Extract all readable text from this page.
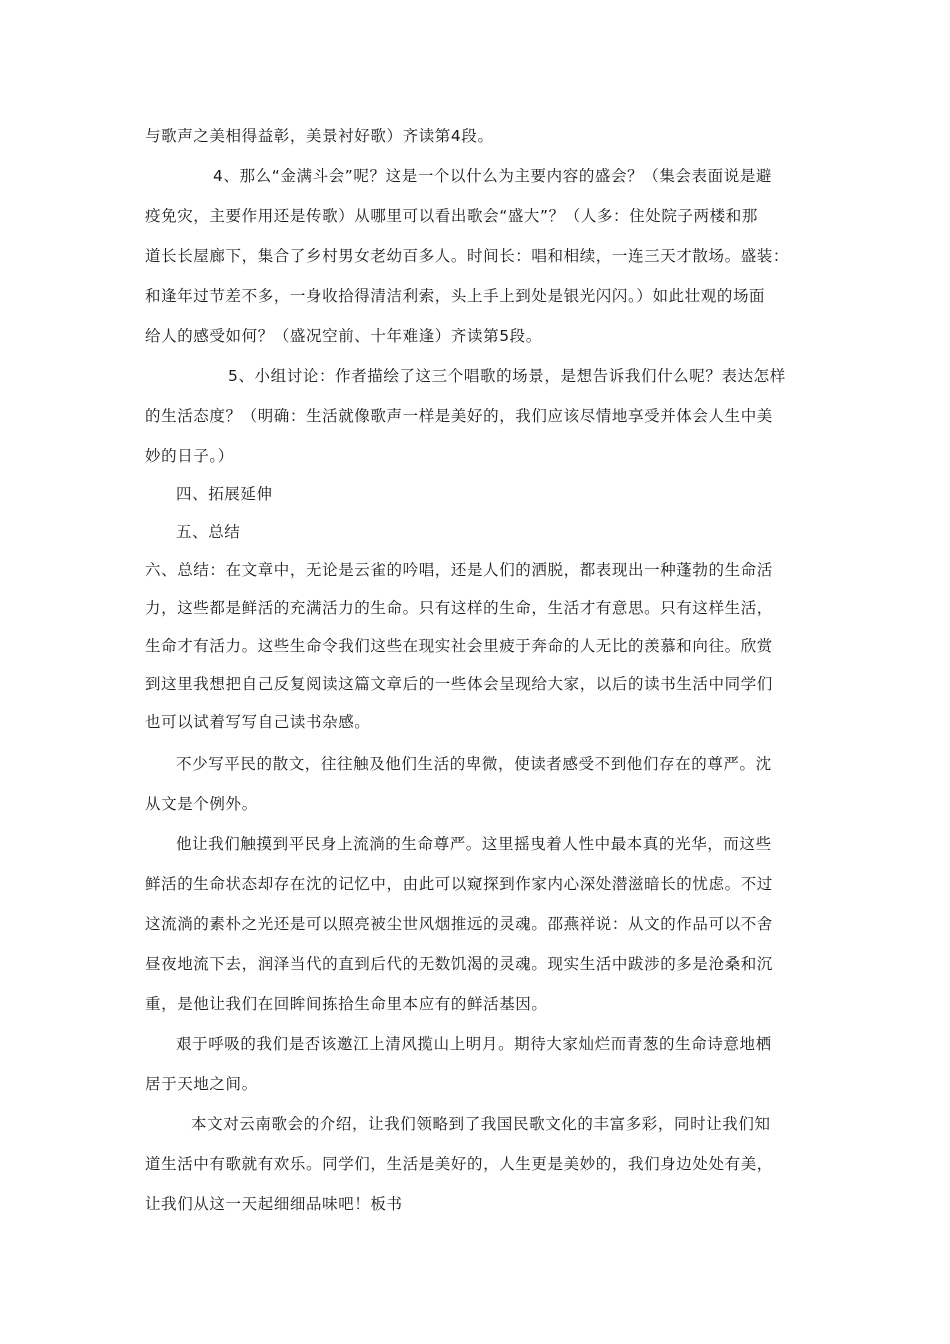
与歌声之美相得益彰，美景衬好歌）齐读第4段。
4、那么“金满斗会”呢？这是一个以什么为主要内容的盛会？（集会表面说是避
疫免灾，主要作用还是传歌）从哪里可以看出歌会“盛大”？（人多：住处院子两楼和那
道长长屋廊下，集合了乡村男女老幼百多人。时间长：唱和相续，一连三天才散场。盛装：
和逢年过节差不多，一身收拾得清洁利索，头上手上到处是银光闪闪。）如此壮观的场面
给人的感受如何？（盛况空前、十年难逢）齐读第5段。
5、小组讨论：作者描绘了这三个唱歌的场景，是想告诉我们什么呢？表达怎样
的生活态度？（明确：生活就像歌声一样是美好的，我们应该尽情地享受并体会人生中美
妙的日子。）
四、拓展延伸
五、总结
六、总结：在文章中，无论是云雀的吟唱，还是人们的洒脱，都表现出一种蓬勃的生命活
力，这些都是鲜活的充满活力的生命。只有这样的生命，生活才有意思。只有这样生活，
生命才有活力。这些生命令我们这些在现实社会里疲于奔命的人无比的羡慕和向往。欣赏
到这里我想把自己反复阅读这篇文章后的一些体会呈现给大家，以后的读书生活中同学们
也可以试着写写自己读书杂感。
不少写平民的散文，往往触及他们生活的卑微，使读者感受不到他们存在的尊严。沈
从文是个例外。
他让我们触摸到平民身上流淌的生命尊严。这里摇曳着人性中最本真的光华，而这些
鲜活的生命状态却存在沈的记忆中，由此可以窥探到作家内心深处潜滋暗长的忧虑。不过
这流淌的素朴之光还是可以照亮被尘世风烟推远的灵魂。邵燕祥说：从文的作品可以不舍
昼夜地流下去，润泽当代的直到后代的无数饥渴的灵魂。现实生活中跋涉的多是沧桑和沉
重，是他让我们在回眸间拣拾生命里本应有的鲜活基因。
艰于呼吸的我们是否该邀江上清风揽山上明月。期待大家灿烂而青葱的生命诗意地栖
居于天地之间。
本文对云南歌会的介绍，让我们领略到了我国民歌文化的丰富多彩，同时让我们知
道生活中有歌就有欢乐。同学们，生活是美好的，人生更是美妙的，我们身边处处有美，
让我们从这一天起细细品味吧！板书
